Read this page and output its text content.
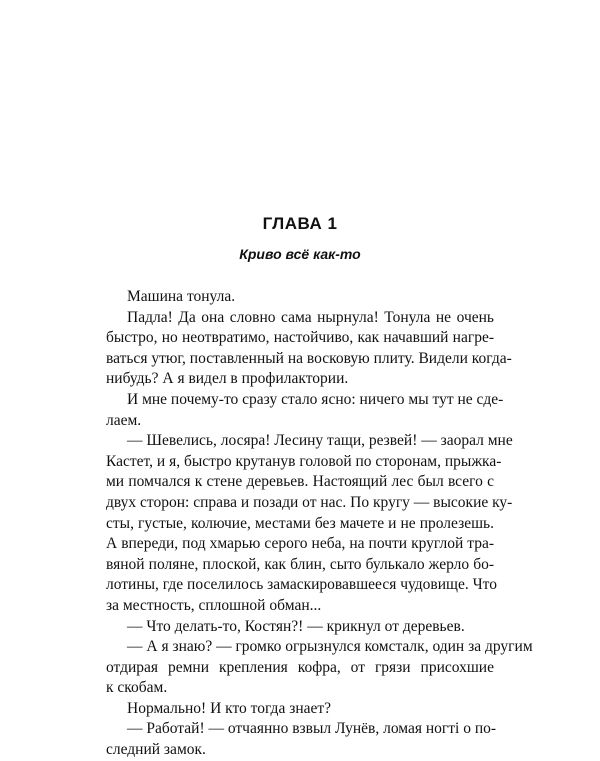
ГЛАВА 1
Криво всё как-то
Машина тонула.
Падла! Да она словно сама нырнула! Тонула не очень
быстро, но неотвратимо, настойчиво, как начавший нагре-
ваться утюг, поставленный на восковую плиту. Видели когда-
нибудь? А я видел в профилактории.
И мне почему-то сразу стало ясно: ничего мы тут не сде-
лаем.
— Шевелись, лосяра! Лесину тащи, резвей! — заорал мне
Кастет, и я, быстро крутанув головой по сторонам, прыжка-
ми помчался к стене деревьев. Настоящий лес был всего с
двух сторон: справа и позади от нас. По кругу — высокие ку-
сты, густые, колючие, местами без мачете и не пролезешь.
А впереди, под хмарью серого неба, на почти круглой тра-
вяной поляне, плоской, как блин, сыто булькало жерло бо-
лотины, где поселилось замаскировавшееся чудовище. Что
за местность, сплошной обман...
— Что делать-то, Костян?! — крикнул от деревьев.
— А я знаю? — громко огрызнулся комсталк, один за другим
отдирая ремни крепления кофра, от грязи присохшие
к скобам.
Нормально! И кто тогда знает?
— Работай! — отчаянно взвыл Лунёв, ломая ногтi о по-
следний замок.
